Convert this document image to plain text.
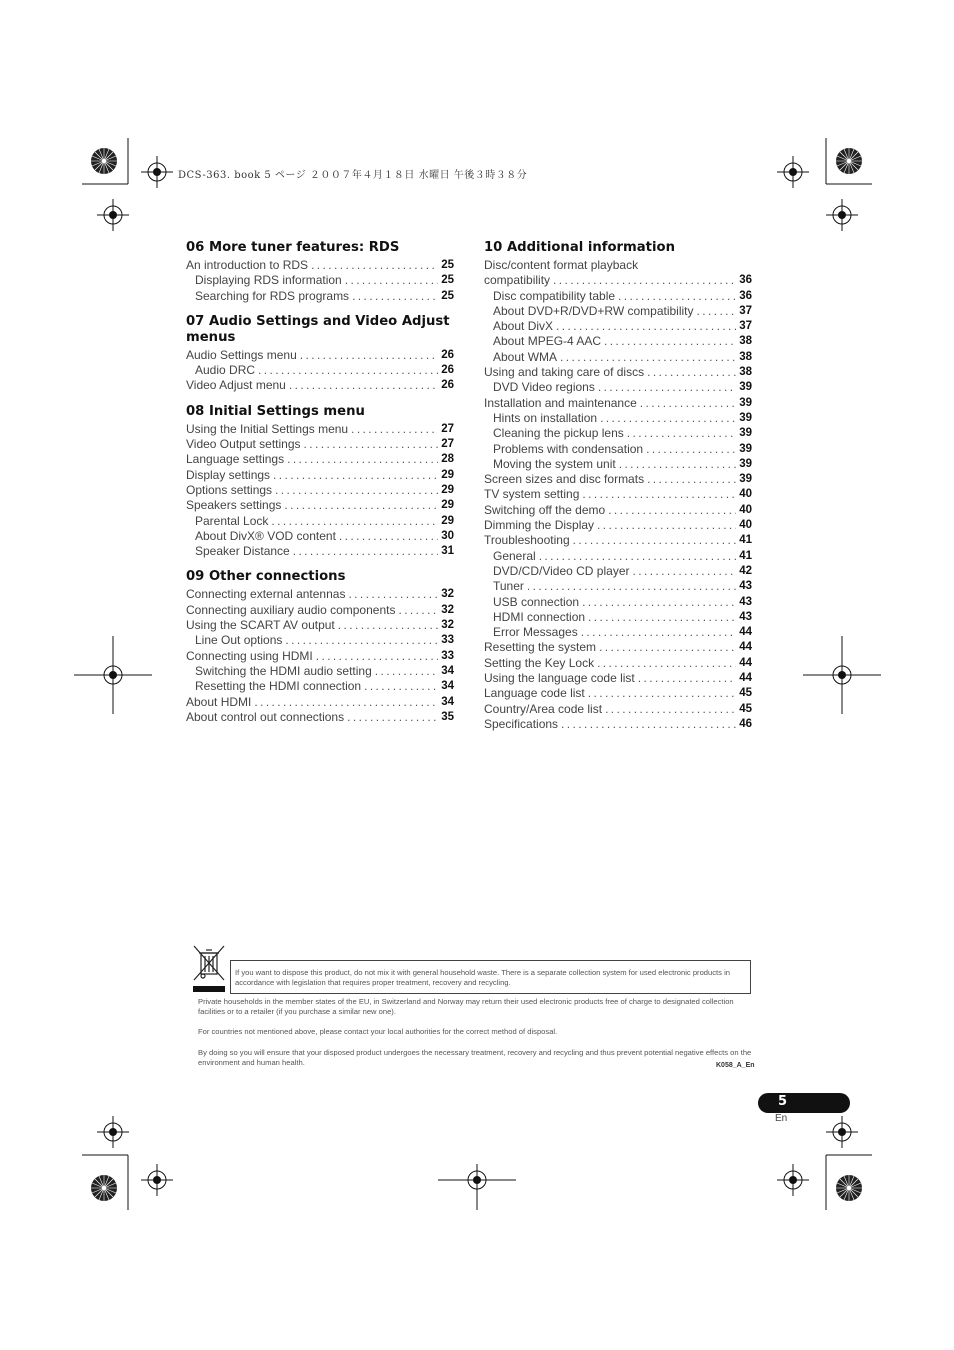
DCS-363. book 5 ページ ２００７年４月１８日 水曜日 午後３時３８分
06 More tuner features: RDS
An introduction to RDS .....	25
Displaying RDS information .....	25
Searching for RDS programs .....	25
07 Audio Settings and Video Adjust menus
Audio Settings menu .....	26
Audio DRC .....	26
Video Adjust menu .....	26
08 Initial Settings menu
Using the Initial Settings menu .....	27
Video Output settings .....	27
Language settings .....	28
Display settings .....	29
Options settings .....	29
Speakers settings .....	29
Parental Lock .....	29
About DivX® VOD content .....	30
Speaker Distance .....	31
09 Other connections
Connecting external antennas .....	32
Connecting auxiliary audio components .....	32
Using the SCART AV output .....	32
Line Out options .....	33
Connecting using HDMI .....	33
Switching the HDMI audio setting .....	34
Resetting the HDMI connection .....	34
About HDMI .....	34
About control out connections .....	35
10 Additional information
Disc/content format playback
compatibility .....	36
Disc compatibility table .....	36
About DVD+R/DVD+RW compatibility .....	37
About DivX .....	37
About MPEG-4 AAC .....	38
About WMA .....	38
Using and taking care of discs .....	38
DVD Video regions .....	39
Installation and maintenance .....	39
Hints on installation .....	39
Cleaning the pickup lens .....	39
Problems with condensation .....	39
Moving the system unit .....	39
Screen sizes and disc formats .....	39
TV system setting .....	40
Switching off the demo .....	40
Dimming the Display .....	40
Troubleshooting .....	41
General .....	41
DVD/CD/Video CD player .....	42
Tuner .....	43
USB connection .....	43
HDMI connection .....	43
Error Messages .....	44
Resetting the system .....	44
Setting the Key Lock .....	44
Using the language code list .....	44
Language code list .....	45
Country/Area code list .....	45
Specifications .....	46
If you want to dispose this product, do not mix it with general household waste. There is a separate collection system for used electronic products in accordance with legislation that requires proper treatment, recovery and recycling.
Private households in the member states of the EU, in Switzerland and Norway may return their used electronic products free of charge to designated collection facilities or to a retailer (if you purchase a similar new one).
For countries not mentioned above, please contact your local authorities for the correct method of disposal.
By doing so you will ensure that your disposed product undergoes the necessary treatment, recovery and recycling and thus prevent potential negative effects on the environment and human health.	K058_A_En
5
En
